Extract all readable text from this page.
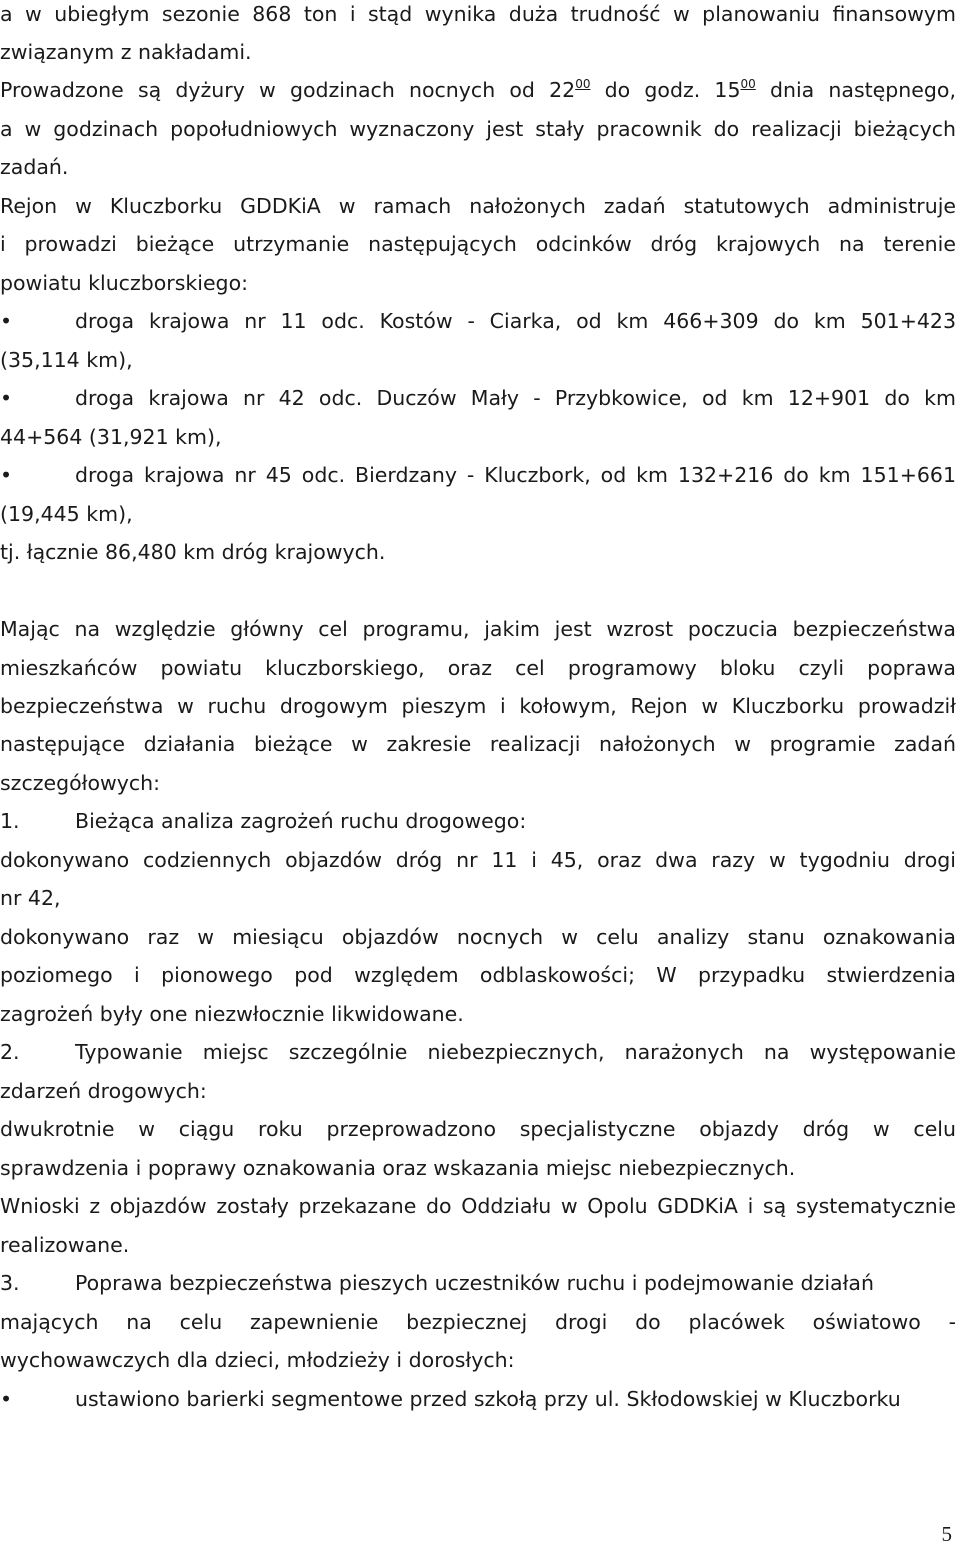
a w ubiegłym sezonie 868 ton i stąd wynika duża trudność w planowaniu finansowym
związanym z nakładami.
Prowadzone są dyżury w godzinach nocnych od $22^{00}$ do godz. $15^{00}$ dnia następnego,
a w godzinach popołudniowych wyznaczony jest stały pracownik do realizacji bieżących
zadań.
Rejon w Kluczborku GDDKiA w ramach nałożonych zadań statutowych administruje
i prowadzi bieżące utrzymanie następujących odcinków dróg krajowych na terenie
powiatu kluczborskiego:
•	droga krajowa nr 11 odc. Kostów - Ciarka, od km 466+309 do km 501+423
(35,114 km),
•	droga krajowa nr 42 odc. Duczów Mały - Przybkowice, od km 12+901 do km
44+564 (31,921 km),
•	droga krajowa nr 45 odc. Bierdzany - Kluczbork, od km 132+216 do km 151+661
(19,445 km),
tj. łącznie 86,480 km dróg krajowych.
Mając na względzie główny cel programu, jakim jest wzrost poczucia bezpieczeństwa
mieszkańców powiatu kluczborskiego, oraz cel programowy bloku czyli poprawa
bezpieczeństwa w ruchu drogowym pieszym i kołowym, Rejon w Kluczborku prowadził
następujące działania bieżące w zakresie realizacji nałożonych w programie zadań
szczegółowych:
1.	Bieżąca analiza zagrożeń ruchu drogowego:
dokonywano codziennych objazdów dróg nr 11 i 45, oraz dwa razy w tygodniu drogi
nr 42,
dokonywano raz w miesiącu objazdów nocnych w celu analizy stanu oznakowania
poziomego i pionowego pod względem odblaskowości; W przypadku stwierdzenia
zagrożeń były one niezwłocznie likwidowane.
2.	Typowanie miejsc szczególnie niebezpiecznych, narażonych na występowanie
zdarzeń drogowych:
dwukrotnie w ciągu roku przeprowadzono specjalistyczne objazdy dróg w celu
sprawdzenia i poprawy oznakowania oraz wskazania miejsc niebezpiecznych.
Wnioski z objazdów zostały przekazane do Oddziału w Opolu GDDKiA i są systematycznie
realizowane.
3.	Poprawa bezpieczeństwa pieszych uczestników ruchu i podejmowanie działań
mających na celu zapewnienie bezpiecznej drogi do placówek oświatowo -
wychowawczych dla dzieci, młodzieży i dorosłych:
•	ustawiono barierki segmentowe przed szkołą przy ul. Skłodowskiej w Kluczborku
5
